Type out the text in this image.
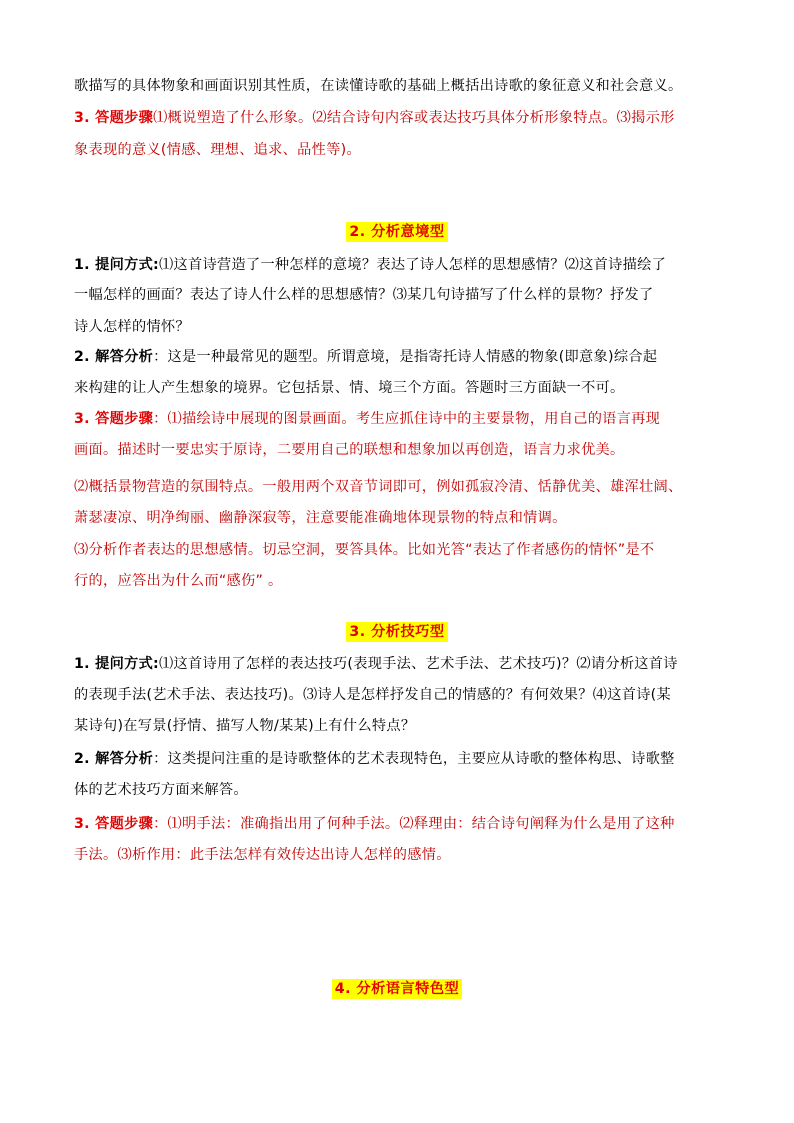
歌描写的具体物象和画面识别其性质，在读懂诗歌的基础上概括出诗歌的象征意义和社会意义。
3. 答题步骤⑴概说塑造了什么形象。⑵结合诗句内容或表达技巧具体分析形象特点。⑶揭示形
象表现的意义(情感、理想、追求、品性等)。
2. 分析意境型
1. 提问方式:⑴这首诗营造了一种怎样的意境？表达了诗人怎样的思想感情？⑵这首诗描绘了
一幅怎样的画面？表达了诗人什么样的思想感情？⑶某几句诗描写了什么样的景物？抒发了
诗人怎样的情怀？
2. 解答分析：这是一种最常见的题型。所谓意境，是指寄托诗人情感的物象(即意象)综合起
来构建的让人产生想象的境界。它包括景、情、境三个方面。答题时三方面缺一不可。
3. 答题步骤：⑴描绘诗中展现的图景画面。考生应抓住诗中的主要景物，用自己的语言再现
画面。描述时一要忠实于原诗，二要用自己的联想和想象加以再创造，语言力求优美。
⑵概括景物营造的氛围特点。一般用两个双音节词即可，例如孤寂冷清、恬静优美、雄浑壮阔、
萧瑟凄凉、明净绚丽、幽静深寂等，注意要能准确地体现景物的特点和情调。
⑶分析作者表达的思想感情。切忌空洞，要答具体。比如光答“表达了作者感伤的情怀”是不
行的，应答出为什么而“感伤” 。
3. 分析技巧型
1. 提问方式:⑴这首诗用了怎样的表达技巧(表现手法、艺术手法、艺术技巧)？⑵请分析这首诗
的表现手法(艺术手法、表达技巧)。⑶诗人是怎样抒发自己的情感的？有何效果？⑷这首诗(某
某诗句)在写景(抒情、描写人物/某某)上有什么特点？
2. 解答分析：这类提问注重的是诗歌整体的艺术表现特色，主要应从诗歌的整体构思、诗歌整
体的艺术技巧方面来解答。
3. 答题步骤：⑴明手法：准确指出用了何种手法。⑵释理由：结合诗句阐释为什么是用了这种
手法。⑶析作用：此手法怎样有效传达出诗人怎样的感情。
4. 分析语言特色型
